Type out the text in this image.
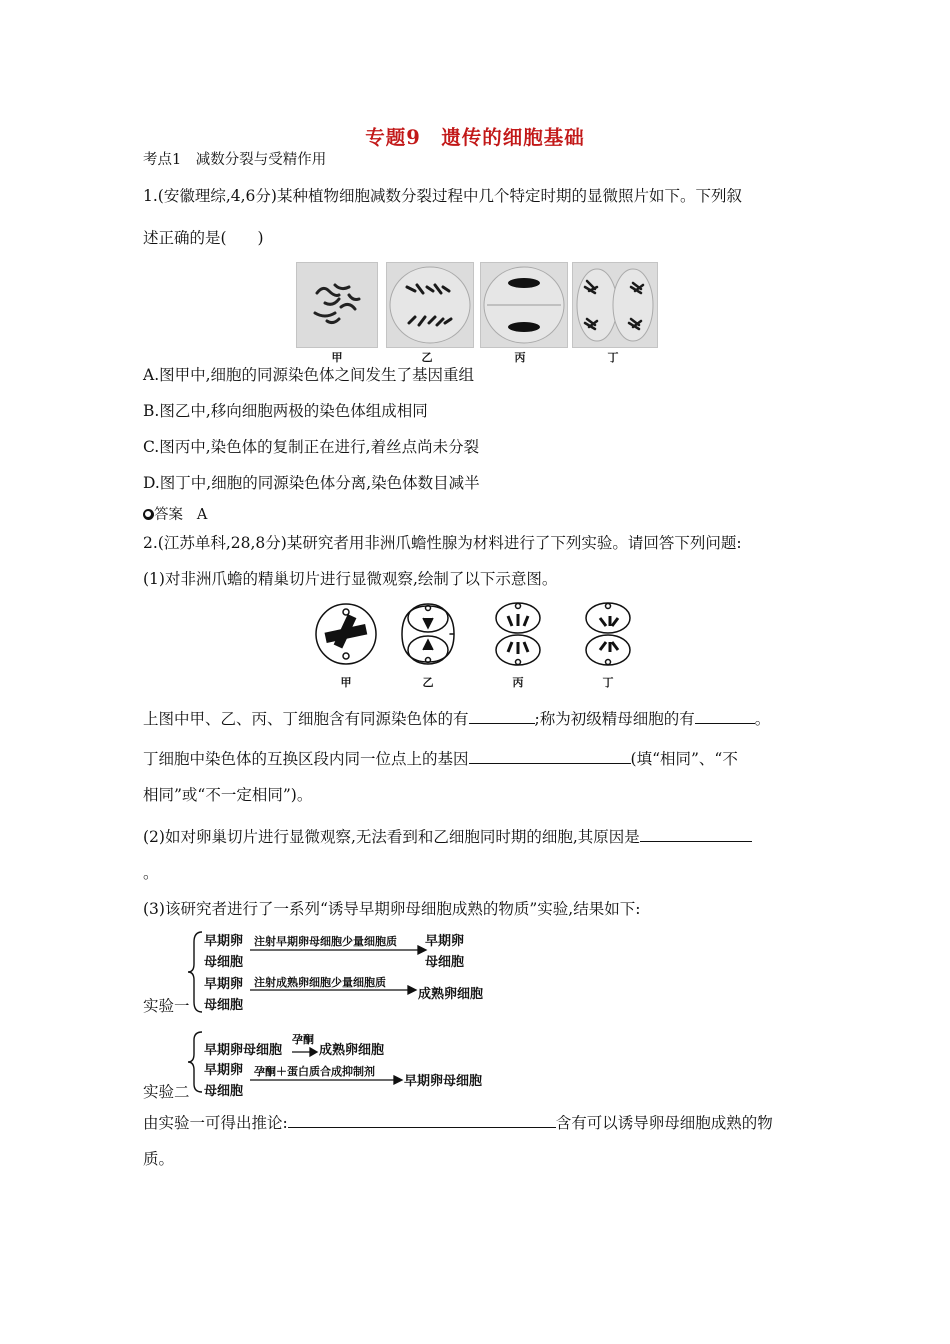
专题9　遗传的细胞基础
考点1　减数分裂与受精作用
1.(安徽理综,4,6分)某种植物细胞减数分裂过程中几个特定时期的显微照片如下。下列叙
述正确的是(　　)
甲	乙	丙	丁
A.图甲中,细胞的同源染色体之间发生了基因重组
B.图乙中,移向细胞两极的染色体组成相同
C.图丙中,染色体的复制正在进行,着丝点尚未分裂
D.图丁中,细胞的同源染色体分离,染色体数目减半
答案 A
2.(江苏单科,28,8分)某研究者用非洲爪蟾性腺为材料进行了下列实验。请回答下列问题:
(1)对非洲爪蟾的精巢切片进行显微观察,绘制了以下示意图。
甲	乙	丙	丁
上图中甲、乙、丙、丁细胞含有同源染色体的有	;称为初级精母细胞的有	。
丁细胞中染色体的互换区段内同一位点上的基因	(填“相同”、“不
相同”或“不一定相同”)。
(2)如对卵巢切片进行显微观察,无法看到和乙细胞同时期的细胞,其原因是
。
(3)该研究者进行了一系列“诱导早期卵母细胞成熟的物质”实验,结果如下:
早期卵
母细胞
注射早期卵母细胞少量细胞质 早期卵
母细胞
早期卵
母细胞
注射成熟卵细胞少量细胞质
成熟卵细胞
实验一
早期卵母细胞
孕酮
成熟卵细胞
早期卵
母细胞
孕酮＋蛋白质合成抑制剂
早期卵母细胞
实验二
由实验一可得出推论:	含有可以诱导卵母细胞成熟的物
质。
